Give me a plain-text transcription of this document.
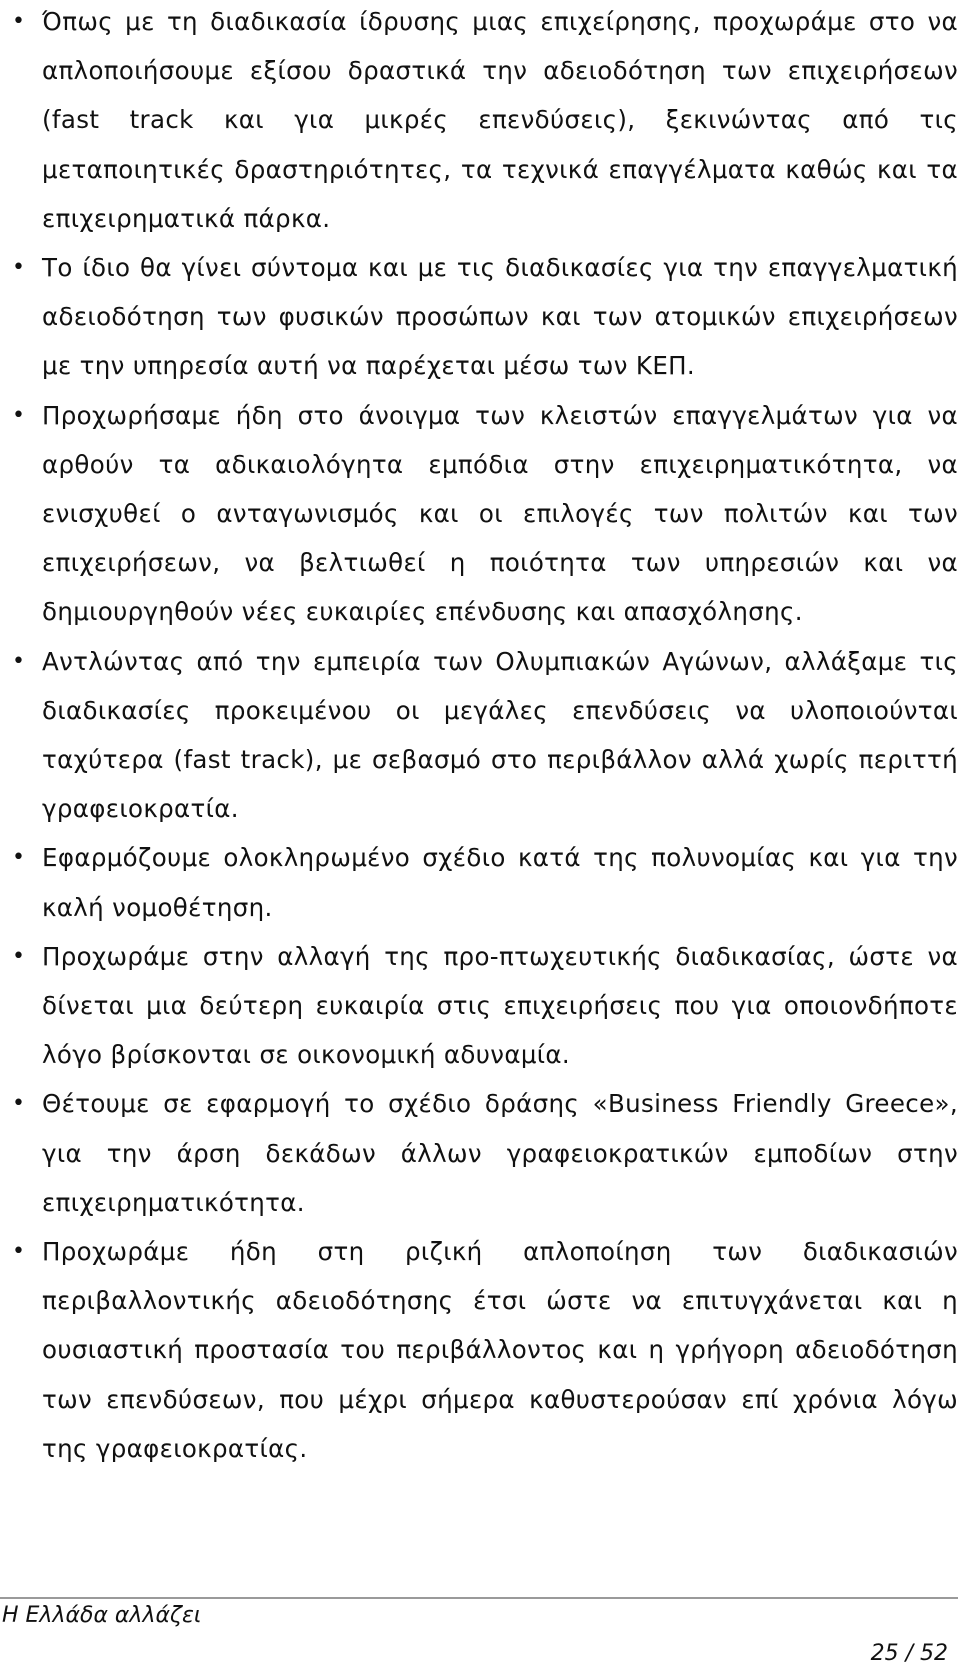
• Όπως με τη διαδικασία ίδρυσης μιας επιχείρησης, προχωράμε στο να απλοποιήσουμε εξίσου δραστικά την αδειοδότηση των επιχειρήσεων (fast track και για μικρές επενδύσεις), ξεκινώντας από τις μεταποιητικές δραστηριότητες, τα τεχνικά επαγγέλματα καθώς και τα επιχειρηματικά πάρκα.
• Το ίδιο θα γίνει σύντομα και με τις διαδικασίες για την επαγγελματική αδειοδότηση των φυσικών προσώπων και των ατομικών επιχειρήσεων με την υπηρεσία αυτή να παρέχεται μέσω των ΚΕΠ.
• Προχωρήσαμε ήδη στο άνοιγμα των κλειστών επαγγελμάτων για να αρθούν τα αδικαιολόγητα εμπόδια στην επιχειρηματικότητα, να ενισχυθεί ο ανταγωνισμός και οι επιλογές των πολιτών και των επιχειρήσεων, να βελτιωθεί η ποιότητα των υπηρεσιών και να δημιουργηθούν νέες ευκαιρίες επένδυσης και απασχόλησης.
• Αντλώντας από την εμπειρία των Ολυμπιακών Αγώνων, αλλάξαμε τις διαδικασίες προκειμένου οι μεγάλες επενδύσεις να υλοποιούνται ταχύτερα (fast track), με σεβασμό στο περιβάλλον αλλά χωρίς περιττή γραφειοκρατία.
• Εφαρμόζουμε ολοκληρωμένο σχέδιο κατά της πολυνομίας και για την καλή νομοθέτηση.
• Προχωράμε στην αλλαγή της προ-πτωχευτικής διαδικασίας, ώστε να δίνεται μια δεύτερη ευκαιρία στις επιχειρήσεις που για οποιονδήποτε λόγο βρίσκονται σε οικονομική αδυναμία.
• Θέτουμε σε εφαρμογή το σχέδιο δράσης «Business Friendly Greece», για την άρση δεκάδων άλλων γραφειοκρατικών εμποδίων στην επιχειρηματικότητα.
• Προχωράμε ήδη στη ριζική απλοποίηση των διαδικασιών περιβαλλοντικής αδειοδότησης έτσι ώστε να επιτυγχάνεται και η ουσιαστική προστασία του περιβάλλοντος και η γρήγορη αδειοδότηση των επενδύσεων, που μέχρι σήμερα καθυστερούσαν επί χρόνια λόγω της γραφειοκρατίας.
Η Ελλάδα αλλάζει
25 / 52
